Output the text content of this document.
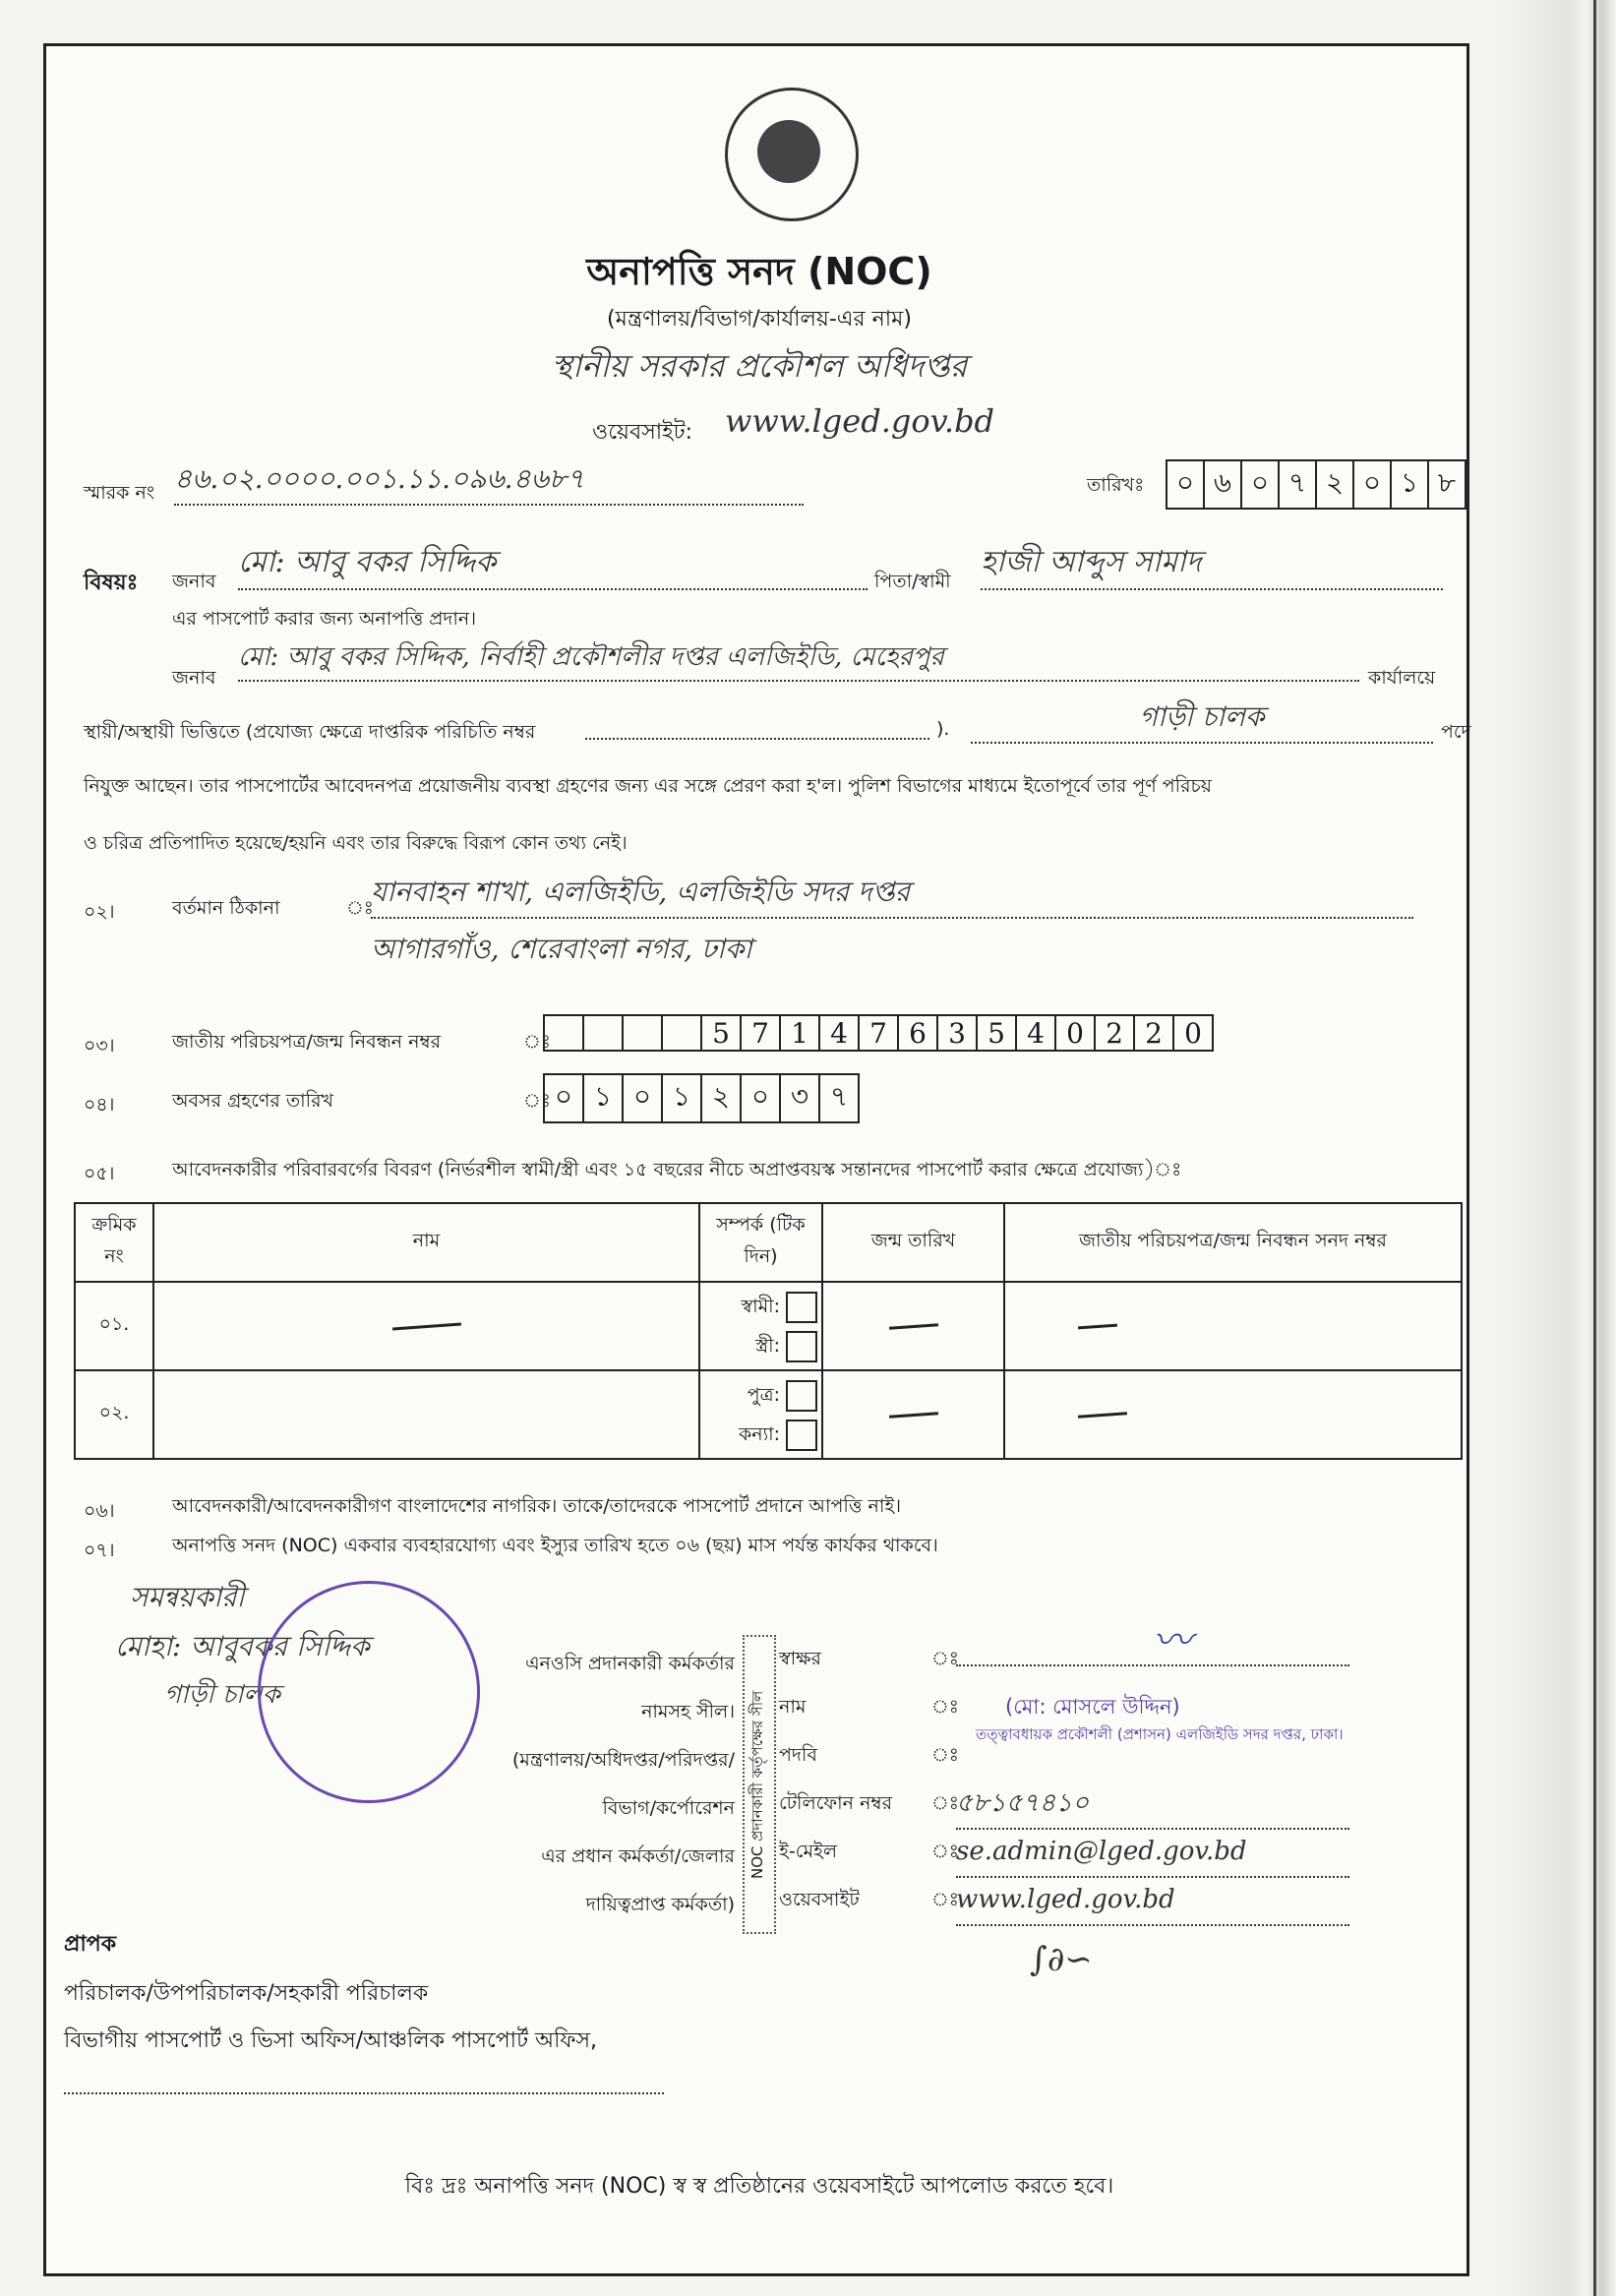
অনাপত্তি সনদ (NOC)
(মন্ত্রণালয়/বিভাগ/কার্যালয়-এর নাম)
স্থানীয় সরকার প্রকৌশল অধিদপ্তর
ওয়েবসাইট: www.lged.gov.bd
স্মারক নং ৪৬.০২.০০০০.০০১.১১.০৯৬.৪৬৮৭	তারিখঃ ০	৬	০	৭	২	০	১	৮
বিষয়ঃ জনাব
মো: আবু বকর সিদ্দিক
পিতা/স্বামী
হাজী আব্দুস সামাদ
এর পাসপোর্ট করার জন্য অনাপত্তি প্রদান।
জনাব
মো: আবু বকর সিদ্দিক, নির্বাহী প্রকৌশলীর দপ্তর এলজিইডি, মেহেরপুর
কার্যালয়ে
স্থায়ী/অস্থায়ী ভিত্তিতে (প্রযোজ্য ক্ষেত্রে দাপ্তরিক পরিচিতি নম্বর	).	গাড়ী চালক	পদে
নিযুক্ত আছেন। তার পাসপোর্টের আবেদনপত্র প্রয়োজনীয় ব্যবস্থা গ্রহণের জন্য এর সঙ্গে প্রেরণ করা হ'ল। পুলিশ বিভাগের মাধ্যমে ইতোপূর্বে তার পূর্ণ পরিচয়
ও চরিত্র প্রতিপাদিত হয়েছে/হয়নি এবং তার বিরুদ্ধে বিরূপ কোন তথ্য নেই।
০২।	বর্তমান ঠিকানা	ঃ
যানবাহন শাখা, এলজিইডি, এলজিইডি সদর দপ্তর
আগারগাঁও, শেরেবাংলা নগর, ঢাকা
০৩।	জাতীয় পরিচয়পত্র/জন্ম নিবন্ধন নম্বর	ঃ
					5	7	1	4	7	6	3	5	4	0	2	2	0
০৪।	অবসর গ্রহণের তারিখ	ঃ ০	১	০	১	২	০	৩	৭
০৫।	আবেদনকারীর পরিবারবর্গের বিবরণ (নির্ভরশীল স্বামী/স্ত্রী এবং ১৫ বছরের নীচে অপ্রাপ্তবয়স্ক সন্তানদের পাসপোর্ট করার ক্ষেত্রে প্রযোজ্য)ঃ
ক্রমিক নং	নাম	সম্পর্ক (টিক দিন)	জন্ম তারিখ	জাতীয় পরিচয়পত্র/জন্ম নিবন্ধন সনদ নম্বর
০১.		স্বামী:
স্ত্রী:	

০২.		পুত্র:
কন্যা:	

০৬।	আবেদনকারী/আবেদনকারীগণ বাংলাদেশের নাগরিক। তাকে/তাদেরকে পাসপোর্ট প্রদানে আপত্তি নাই।
০৭।	অনাপত্তি সনদ (NOC) একবার ব্যবহারযোগ্য এবং ইস্যুর তারিখ হতে ০৬ (ছয়) মাস পর্যন্ত কার্যকর থাকবে।
সমন্বয়কারী
মোহা: আবুবকর সিদ্দিক
গাড়ী চালক
এনওসি প্রদানকারী কর্মকর্তার
নামসহ সীল।
(মন্ত্রণালয়/অধিদপ্তর/পরিদপ্তর/
বিভাগ/কর্পোরেশন
এর প্রধান কর্মকর্তা/জেলার
দায়িত্বপ্রাপ্ত কর্মকর্তা)
NOC প্রদানকারী কর্তৃপক্ষের সীল
স্বাক্ষর	ঃ	〰
নাম	ঃ (মো: মোসলে উদ্দিন)
পদবি	ঃ
তত্ত্বাবধায়ক প্রকৌশলী (প্রশাসন) এলজিইডি সদর দপ্তর, ঢাকা।
টেলিফোন নম্বর ঃ
৫৮১৫৭৪১০
ই-মেইল	ঃ
se.admin@lged.gov.bd
ওয়েবসাইট	ঃ
www.lged.gov.bd
∫∂∽
প্রাপক
পরিচালক/উপপরিচালক/সহকারী পরিচালক
বিভাগীয় পাসপোর্ট ও ভিসা অফিস/আঞ্চলিক পাসপোর্ট অফিস,
বিঃ দ্রঃ অনাপত্তি সনদ (NOC) স্ব স্ব প্রতিষ্ঠানের ওয়েবসাইটে আপলোড করতে হবে।
